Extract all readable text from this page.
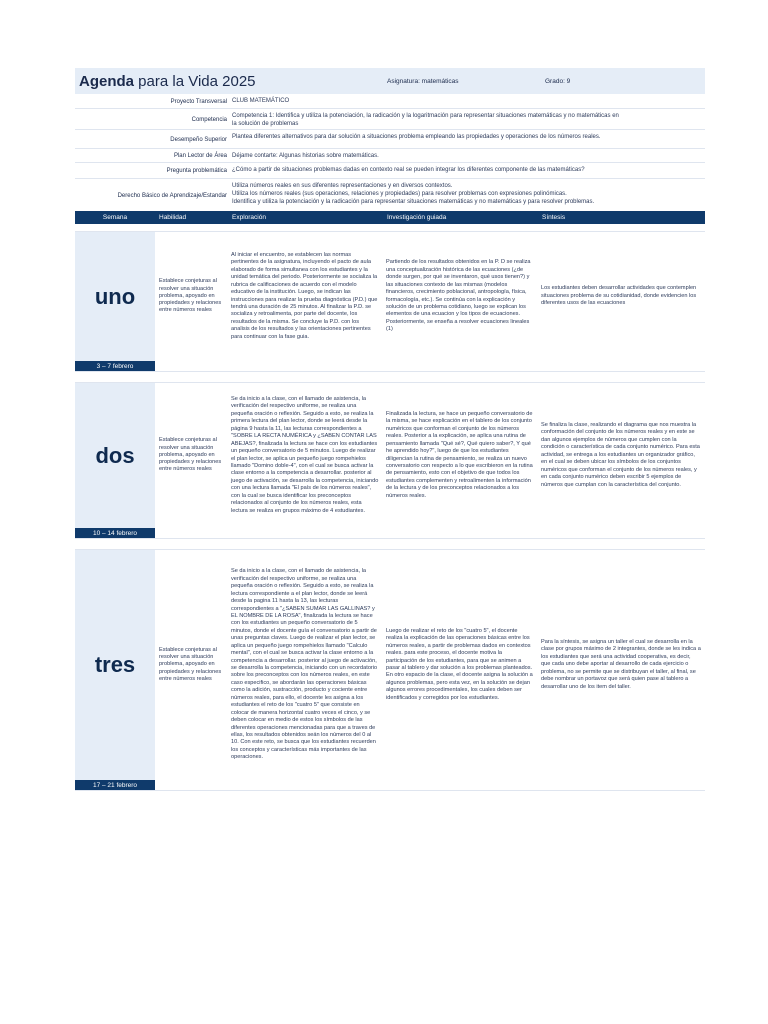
Agenda para la Vida 2025	Asignatura: matemáticas	Grado: 9
Proyecto Transversal CLUB MATEMÁTICO
Competencia
Competencia 1: Identifica y utiliza la potenciación, la radicación y la logaritmación para representar situaciones matemáticas y no matemáticas en
la solución de problemas
Desempeño Superior Plantea diferentes alternativos para dar solución a situaciones problema empleando las propiedades y operaciones de los números reales.
Plan Lector de Área Déjame contarte: Algunas historias sobre matemáticas.
Pregunta problemática ¿Cómo a partir de situaciones problemas dadas en contexto real se pueden integrar los diferentes componente de las matemáticas?
Derecho Básico de Aprendizaje/Estandar
Utiliza números reales en sus diferentes representaciones y en diversos contextos.
Utiliza los números reales (sus operaciones, relaciones y propiedades) para resolver problemas con expresiones polinómicas.
Identifica y utiliza la potenciación y la radicación para representar situaciones matemáticas y no matemáticas y para resolver problemas.
Semana	Habilidad	Exploración	Investigación guiada	Síntesis
uno
Establece conjeturas al resolver una situación problema, apoyado en propiedades y relaciones entre números reales
Al iniciar el encuentro, se establecen las normas pertinentes de la asignatura, incluyendo el pacto de aula elaborado de forma simultanea con los estudiantes y la unidad temática del periodo. Posteriormente se socializa la rubrica de calificaciones de acuerdo con el modelo educativo de la institución. Luego, se indican las instrucciones para realizar la prueba diagnóstica (P.D.) que tendrá una duración de 25 minutos. Al finalizar la P.D. se socializa y retroalimenta, por parte del docente, los resultados de la misma. Se concluye la P.D. con los analisis de los resultados y las orientaciones pertinentes para continuar con la fase guia.
Partiendo de los resultados obtenidos en la P. D se realiza una conceptualización histórica de las ecuaciones (¿de donde surgen, por qué se inventaron, qué usos tienen?) y las situaciones contexto de las mismas (modelos financieros, crecimiento poblacional, antropología, física, formacología, etc.). Se continúa con la explicación y solución de un problema cotidiano, luego se explican los elementos de una ecuacion y los tipos de ecuaciones. Posteriormente, se enseña a resolver ecuaciones lineales (1)
Los estudiantes deben desarrollar actividades que contemplen situaciones problema de su cotidianidad, donde evidencien los diferentes usos de las ecuaciones
3 – 7 febrero
dos
Establece conjeturas al resolver una situación problema, apoyado en propiedades y relaciones entre números reales
Se da inicio a la clase, con el llamado de asistencia, la verificación del respectivo uniforme, se realiza una pequeña oración o reflexión. Seguido a esto, se realiza la primera lectura del plan lector, donde se leerá desde la página 9 hasta la 11, las lecturas correspondientes a "SOBRE LA RECTA NUMÉRICA y ¿SABEN CONTAR LAS ABEJAS?, finalizada la lectura se hace con los estudiantes un pequeño conversatorio de 5 minutos. Luego de realizar el plan lector, se aplica un pequeño juego rompehielos llamado "Domino doble-4", con el cual se busca activar la clase entorno a la competencia a desarrollar. posterior al juego de activación, se desarrolla la competencia, iniciando con una lectura llamada "El país de los números reales", con la cual se busca identificar los preconceptos relacionados al conjunto de los números reales, esta lectura se realiza en grupos máximo de 4 estudiantes.
Finalizada la lectura, se hace un pequeño conversatorio de la misma, se hace explicación en el tablero de los conjunto numéricos que conforman el conjunto de los números reales. Posterior a la explicación, se aplica una rutina de pensamiento llamada "Qué sé?, Qué quiero saber?, Y qué he aprendido hoy?", luego de que los estudiantes diligencian la rutina de pensamiento, se realiza un nuevo conversatorio con respecto a lo que escribieron en la rutina de pensamiento, esto con el objetivo de que todos los estudiantes complementen y retroalimenten la información de la lectura y de los preconceptos relacionados a los números reales.
Se finaliza la clase, realizando el diagrama que nos muestra la conformación del conjunto de los números reales y en este se dan algunos ejemplos de números que cumplen con la condición o característica de cada conjunto numérico. Para esta actividad, se entrega a los estudiantes un organizador gráfico, en el cual se deben ubicar los símbolos de los conjuntos numéricos que conforman el conjunto de los números reales, y en cada conjunto numérico deben escribir 5 ejemplos de números que cumplan con la característica del conjunto.
10 – 14 febrero
tres
Establece conjeturas al resolver una situación problema, apoyado en propiedades y relaciones entre números reales
Se da inicio a la clase, con el llamado de asistencia, la verificación del respectivo uniforme, se realiza una pequeña oración o reflexión. Seguido a esto, se realiza la lectura correspondiente a el plan lector, donde se leerá desde la pagina 11 hasta la 13, las lecturas correspondientes a "¿SABEN SUMAR LAS GALLINAS? y EL NOMBRE DE LA ROSA", finalizada la lectura se hace con los estudiantes un pequeño conversatorio de 5 minutos, donde el docente guía el conversatorio a partir de unas preguntas claves. Luego de realizar el plan lector, se aplica un pequeño juego rompehielos llamado "Calculo mental", con el cual se busca activar la clase entorno a la competencia a desarrollar. posterior al juego de activación, se desarrolla la competencia, iniciando con un recordatorio sobre los preconceptos con los números reales, en este caso especifico, se abordarán las operaciones básicas como la adición, sustracción, producto y cociente entre números reales, para ello, el docente les asigna a los estudiantes el reto de los "cuatro 5" que consiste en colocar de manera horizontal cuatro veces el cinco, y se deben colocar en medio de estos los símbolos de las diferentes operaciones mencionadas para que a traves de ellas, los resultados obtenidos seán los números del 0 al 10. Con este reto, se busca que los estudiantes recuerden los conceptos y características más importantes de las operaciones.
Luego de realizar el reto de los "cuatro 5", el docente realiza la explicación de las operaciones básicas entre los números reales, a partir de problemas dados en contextos reales. para este proceso, el docente motiva la participación de los estudiantes, para que se animen a pasar al tablero y dar solución a los problemas planteados. En otro espacio de la clase, el docente asigna la solución a algunos problemas, pero esta vez, en la solución se dejan algunos errores procedimentales, los cuales deben ser identificados y corregidos por los estudiantes.
Para la síntesis, se asigna un taller el cual se desarrolla en la clase por grupos máximo de 2 integrantes, donde se les indica a los estudiantes que será una actividad cooperativa, es decir, que cada uno debe aportar al desarrollo de cada ejercicio o problema, no se permite que se distribuyan el taller, al final, se debe nombrar un portavoz que será quien pase al tablero a desarrollar uno de los item del taller.
17 – 21 febrero
